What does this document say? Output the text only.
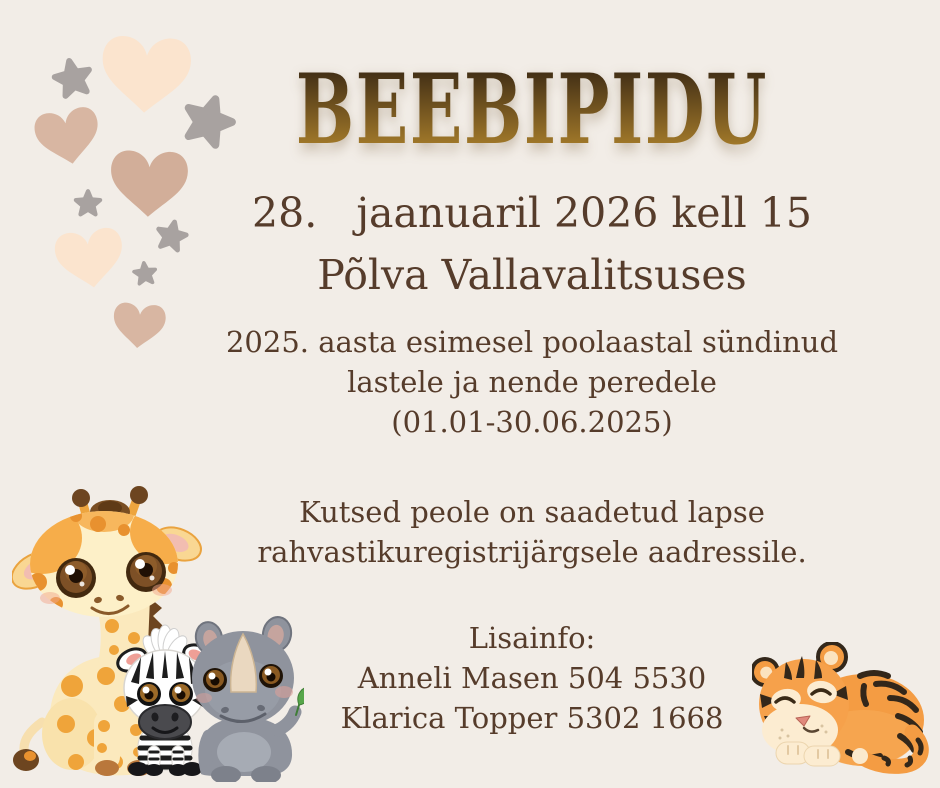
BEEBIPIDU
28.   jaanuaril 2026 kell 15
Põlva Vallavalitsuses
2025. aasta esimesel poolaastal sündinud
lastele ja nende peredele
(01.01-30.06.2025)
Kutsed peole on saadetud lapse
rahvastikuregistrijärgsele aadressile.
Lisainfo:
Anneli Masen 504 5530
Klarica Topper 5302 1668
